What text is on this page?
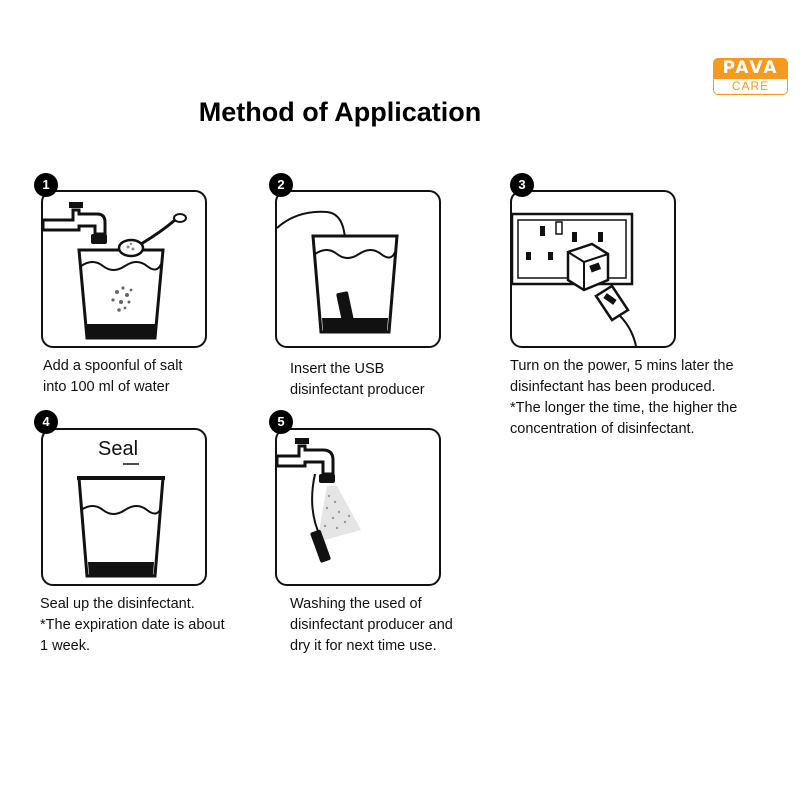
PAVA
CARE
Method of Application
1
Add a spoonful of salt
into 100 ml of water
2
Insert the USB
disinfectant producer
3
Turn on the power, 5 mins later the
disinfectant has been produced.
*The longer the time, the higher the
concentration of disinfectant.
Seal
4
Seal up the disinfectant.
*The expiration date is about
1 week.
5
Washing the used of
disinfectant producer and
dry it for next time use.
